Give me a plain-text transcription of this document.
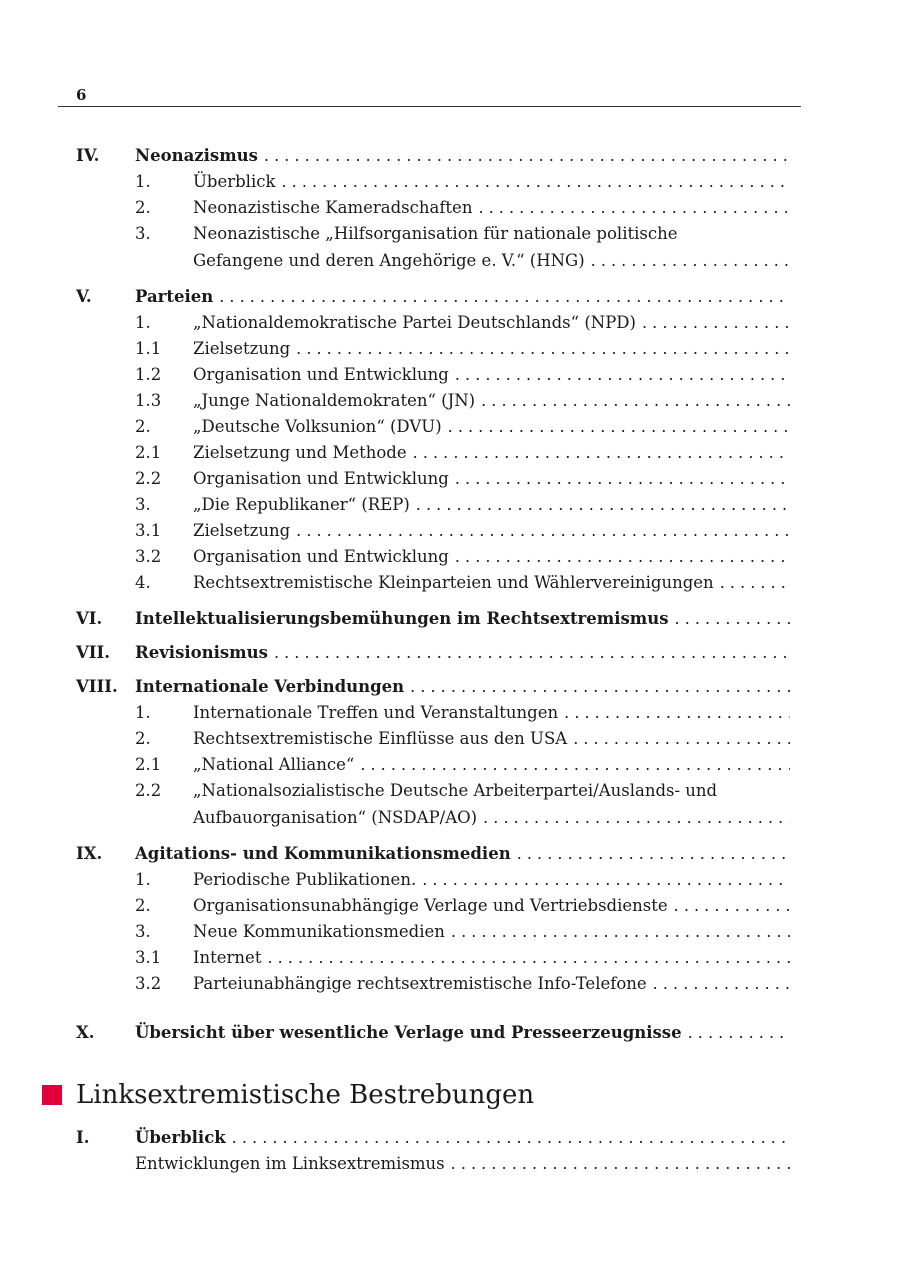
6
IV.	Neonazismus
. . .
1.	Überblick
. . .
2.	Neonazistische Kameradschaften
. . .
3.	Neonazistische „Hilfsorganisation für nationale politische
Gefangene und deren Angehörige e. V.“ (HNG)
. . .
V.	Parteien
. . .
1.	„Nationaldemokratische Partei Deutschlands“ (NPD)
. . .
1.1	Zielsetzung
. . .
1.2	Organisation und Entwicklung
. . .
1.3	„Junge Nationaldemokraten“ (JN)
. . .
2.	„Deutsche Volksunion“ (DVU)
. . .
2.1	Zielsetzung und Methode
. . .
2.2	Organisation und Entwicklung
. . .
3.	„Die Republikaner“ (REP)
. . .
3.1	Zielsetzung
. . .
3.2	Organisation und Entwicklung
. . .
4.	Rechtsextremistische Kleinparteien und Wählervereinigungen
. . .
VI.	Intellektualisierungsbemühungen im Rechtsextremismus
. . .
VII.	Revisionismus
. . .
VIII.	Internationale Verbindungen
. . .
1.	Internationale Treffen und Veranstaltungen
. . .
2.	Rechtsextremistische Einflüsse aus den USA
. . .
2.1	„National Alliance“
. . .
2.2	„Nationalsozialistische Deutsche Arbeiterpartei/Auslands- und
Aufbauorganisation“ (NSDAP/AO)
. . .
IX.	Agitations- und Kommunikationsmedien
. . .
1.	Periodische Publikationen.
. . .
2.	Organisationsunabhängige Verlage und Vertriebsdienste
. . .
3.	Neue Kommunikationsmedien
. . .
3.1	Internet
. . .
3.2	Parteiunabhängige rechtsextremistische Info-Telefone
. . .
X.	Übersicht über wesentliche Verlage und Presseerzeugnisse
. . .
Linksextremistische Bestrebungen
I.	Überblick
. . .
Entwicklungen im Linksextremismus
. . .
